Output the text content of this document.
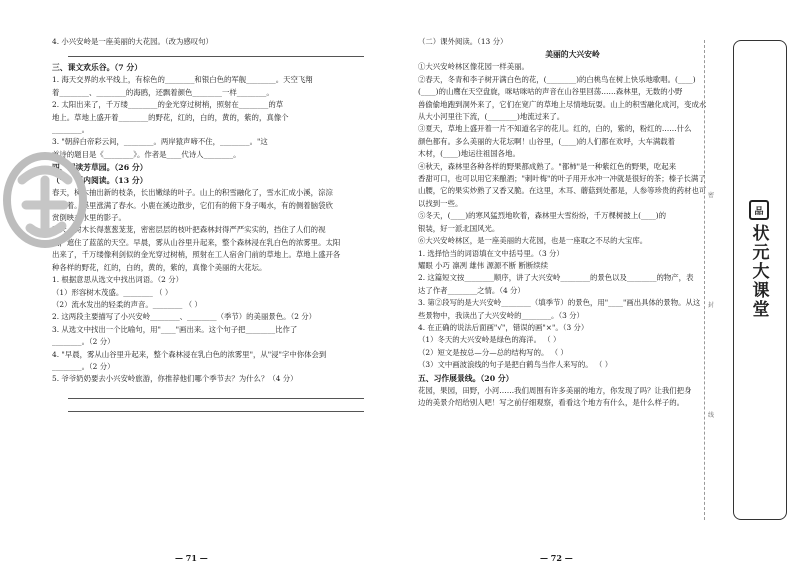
4. 小兴安岭是一座美丽的大花园。（改为感叹句）
三、课文欢乐谷。（7 分）
1. 海天交界的水平线上，有棕色的________和银白色的军舰________。天空飞翔
着________、________的海鸥，还飘着颜色________一样________。
2. 太阳出来了，千万缕________的金光穿过树梢，照射在________的草
地上。草地上盛开着________的野花，红的，白的，黄的，紫的，真像个
________。
3. "朝辞白帝彩云间，________。两岸猿声啼不住，________。"这
首诗的题目是《________》。作者是____代诗人________。
四、阅读芳草园。（26 分）
（一）课内阅读。（13 分）
春天，树木抽出新的枝条，长出嫩绿的叶子。山上的积雪融化了，雪水汇成小溪，淙淙
地流着。溪里涨满了春水。小鹿在溪边散步，它们有的俯下身子喝水，有的侧着脑袋欣
赏倒映在水里的影子。
夏天，树木长得葱葱茏茏，密密层层的枝叶把森林封得严严实实的，挡住了人们的视
线，遮住了蓝蓝的天空。早晨，雾从山谷里升起来，整个森林浸在乳白色的浓雾里。太阳
出来了，千万缕像利剑似的金光穿过树梢，照射在工人宿舍门前的草地上。草地上盛开各
种各样的野花，红的，白的，黄的，紫的，真像个美丽的大花坛。
1. 根据意思从选文中找出词语。（2 分）
（1）形容树木茂盛。________ （ ）
（2）流水发出的轻柔的声音。________ （ ）
2. 这两段主要描写了小兴安岭________、________（季节）的美丽景色。（2 分）
3. 从选文中找出一个比喻句，用"____"画出来。这个句子把________比作了
________。（2 分）
4. "早晨，雾从山谷里升起来，整个森林浸在乳白色的浓雾里"，从"浸"字中你体会到
________。（2 分）
5. 爷爷奶奶要去小兴安岭旅游，你推荐他们哪个季节去？为什么？（4 分）
— 71 —
（二）课外阅读。（13 分）
美丽的大兴安岭
①大兴安岭林区像花园一样美丽。
②春天，冬青和李子树开满白色的花，(________)的白桃鸟在树上快乐地歌唱。(____)
(____)的山鹰在天空盘旋，咪咕咪咕的声音在山谷里回荡……森林里，无数的小野
兽偷偷地跑到洞外来了，它们在宽广的草地上尽情地玩耍。山上的积雪融化成河，变成水
从大小河里往下流，(________)地流过来了。
③夏天，草地上盛开着一片不知道名字的花儿。红的，白的，紫的，粉红的……什么
颜色都有。多么美丽的大花坛啊！山谷里，(____)的人们都在欢呼，大车满载着
木材，(____)地运往祖国各地。
④秋天，森林里各种各样的野果都成熟了。"都柿"是一种紫红色的野果，吃起来
香甜可口，也可以用它来酿酒；"刺叶梅"的叶子用开水冲一冲就是很好的茶；榛子长满了
山腰，它的果实炒熟了又香又脆。在这里，木耳、蘑菇到处都是，人参等珍贵的药材也可
以找到一些。
⑤冬天，(____)的寒风猛烈地吹着，森林里大雪纷纷，千万棵树披上(____)的
银装，好一派北国风光。
⑥大兴安岭林区，是一座美丽的大花园，也是一座取之不尽的大宝库。
1. 选择恰当的词语填在文中括号里。（3 分）
耀眼 小巧 凛冽 雄伟 源源不断 断断续续
2. 这篇短文按________顺序，讲了大兴安岭________的景色以及________的物产，表
达了作者________之情。（4 分）
3. 第②段写的是大兴安岭________（填季节）的景色，用"____"画出具体的景物。从这
些景物中，我读出了大兴安岭的________。（3 分）
4. 在正确的说法后面画"√"，错误的画"×"。（3 分）
（1）冬天的大兴安岭是绿色的海洋。 （ ）
（2）短文是按总—分—总的结构写的。 （ ）
（3）文中画波浪线的句子是把白鹤鸟当作人来写的。 （ ）
五、习作展景线。（20 分）
花园，果园，田野，小河……我们周围有许多美丽的地方，你发现了吗？让我们把身
边的美景介绍给别人吧！写之前仔细观察，看看这个地方有什么，是什么样子的。
— 72 —
密
封
线
品
状元大课堂
